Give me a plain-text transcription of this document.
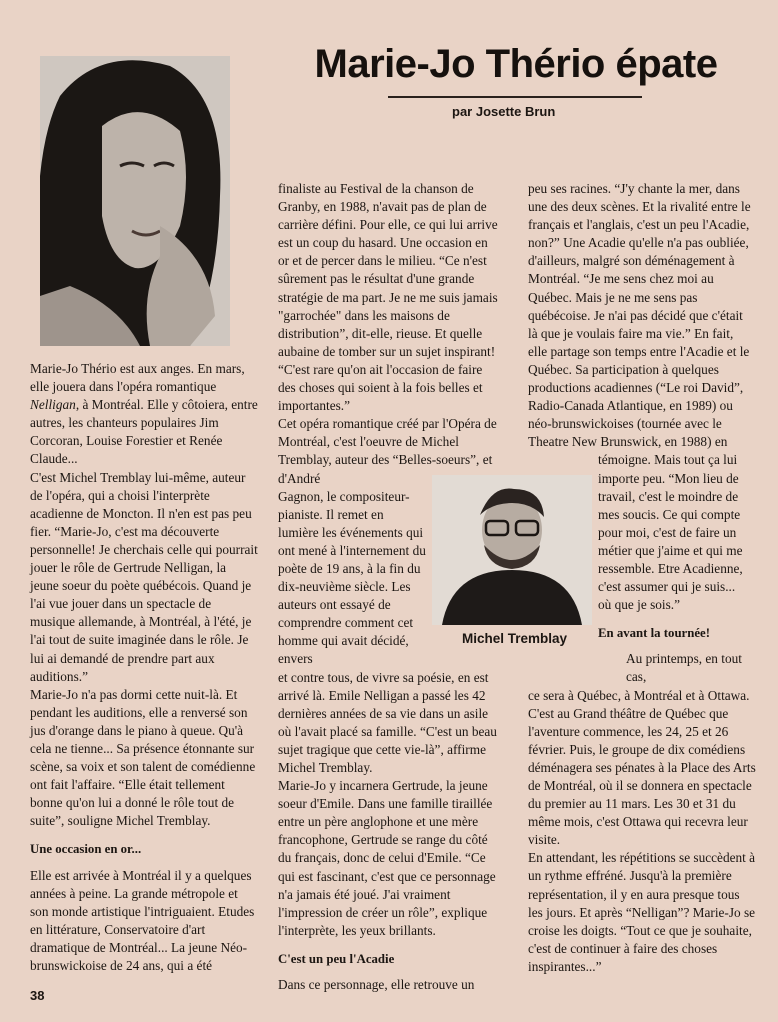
Marie-Jo Thério épate
par Josette Brun

Marie-Jo Thério est aux anges. En mars, elle jouera dans l'opéra romantique Nelligan, à Montréal. Elle y côtoiera, entre autres, les chanteurs populaires Jim Corcoran, Louise Forestier et Renée Claude...

C'est Michel Tremblay lui-même, auteur de l'opéra, qui a choisi l'interprète acadienne de Moncton. Il n'en est pas peu fier. “Marie-Jo, c'est ma découverte personnelle! Je cherchais celle qui pourrait jouer le rôle de Gertrude Nelligan, la jeune soeur du poète québécois. Quand je l'ai vue jouer dans un spectacle de musique allemande, à Montréal, à l'été, je l'ai tout de suite imaginée dans le rôle. Je lui ai demandé de prendre part aux auditions.”

Marie-Jo n'a pas dormi cette nuit-là. Et pendant les auditions, elle a renversé son jus d'orange dans le piano à queue. Qu'à cela ne tienne... Sa présence étonnante sur scène, sa voix et son talent de comédienne ont fait l'affaire. “Elle était tellement bonne qu'on lui a donné le rôle tout de suite”, souligne Michel Tremblay.

Une occasion en or...

Elle est arrivée à Montréal il y a quelques années à peine. La grande métropole et son monde artistique l'intriguaient. Etudes en littérature, Conservatoire d'art dramatique de Montréal... La jeune Néo-brunswickoise de 24 ans, qui a été

finaliste au Festival de la chanson de Granby, en 1988, n'avait pas de plan de carrière défini. Pour elle, ce qui lui arrive est un coup du hasard. Une occasion en or et de percer dans le milieu. “Ce n'est sûrement pas le résultat d'une grande stratégie de ma part. Je ne me suis jamais "garrochée" dans les maisons de distribution”, dit-elle, rieuse. Et quelle aubaine de tomber sur un sujet inspirant! “C'est rare qu'on ait l'occasion de faire des choses qui soient à la fois belles et importantes.”

Cet opéra romantique créé par l'Opéra de Montréal, c'est l'oeuvre de Michel Tremblay, auteur des “Belles-soeurs”, et d'André

Gagnon, le compositeur-pianiste. Il remet en lumière les événements qui ont mené à l'internement du poète de 19 ans, à la fin du dix-neuvième siècle. Les auteurs ont essayé de comprendre comment cet homme qui avait décidé, envers

et contre tous, de vivre sa poésie, en est arrivé là. Emile Nelligan a passé les 42 dernières années de sa vie dans un asile où l'avait placé sa famille. “C'est un beau sujet tragique que cette vie-là”, affirme Michel Tremblay.

Marie-Jo y incarnera Gertrude, la jeune soeur d'Emile. Dans une famille tiraillée entre un père anglophone et une mère francophone, Gertrude se range du côté du français, donc de celui d'Emile. “Ce qui est fascinant, c'est que ce personnage n'a jamais été joué. J'ai vraiment l'impression de créer un rôle”, explique l'interprète, les yeux brillants.

C'est un peu l'Acadie

Dans ce personnage, elle retrouve un

Michel Tremblay

peu ses racines. “J'y chante la mer, dans une des deux scènes. Et la rivalité entre le français et l'anglais, c'est un peu l'Acadie, non?” Une Acadie qu'elle n'a pas oubliée, d'ailleurs, malgré son déménagement à Montréal. “Je me sens chez moi au Québec. Mais je ne me sens pas québécoise. Je n'ai pas décidé que c'était là que je voulais faire ma vie.” En fait, elle partage son temps entre l'Acadie et le Québec. Sa participation à quelques productions acadiennes (“Le roi David”, Radio-Canada Atlantique, en 1989) ou néo-brunswickoises (tournée avec le Theatre New Brunswick, en 1988) en

témoigne. Mais tout ça lui importe peu. “Mon lieu de travail, c'est le moindre de mes soucis. Ce qui compte pour moi, c'est de faire un métier que j'aime et qui me ressemble. Etre Acadienne, c'est assumer qui je suis... où que je sois.”

En avant la tournée!

Au printemps, en tout cas,

ce sera à Québec, à Montréal et à Ottawa. C'est au Grand théâtre de Québec que l'aventure commence, les 24, 25 et 26 février. Puis, le groupe de dix comédiens déménagera ses pénates à la Place des Arts de Montréal, où il se donnera en spectacle du premier au 11 mars. Les 30 et 31 du même mois, c'est Ottawa qui recevra leur visite.

En attendant, les répétitions se succèdent à un rythme effréné. Jusqu'à la première représentation, il y en aura presque tous les jours. Et après “Nelligan”? Marie-Jo se croise les doigts. “Tout ce que je souhaite, c'est de continuer à faire des choses inspirantes...”

38
